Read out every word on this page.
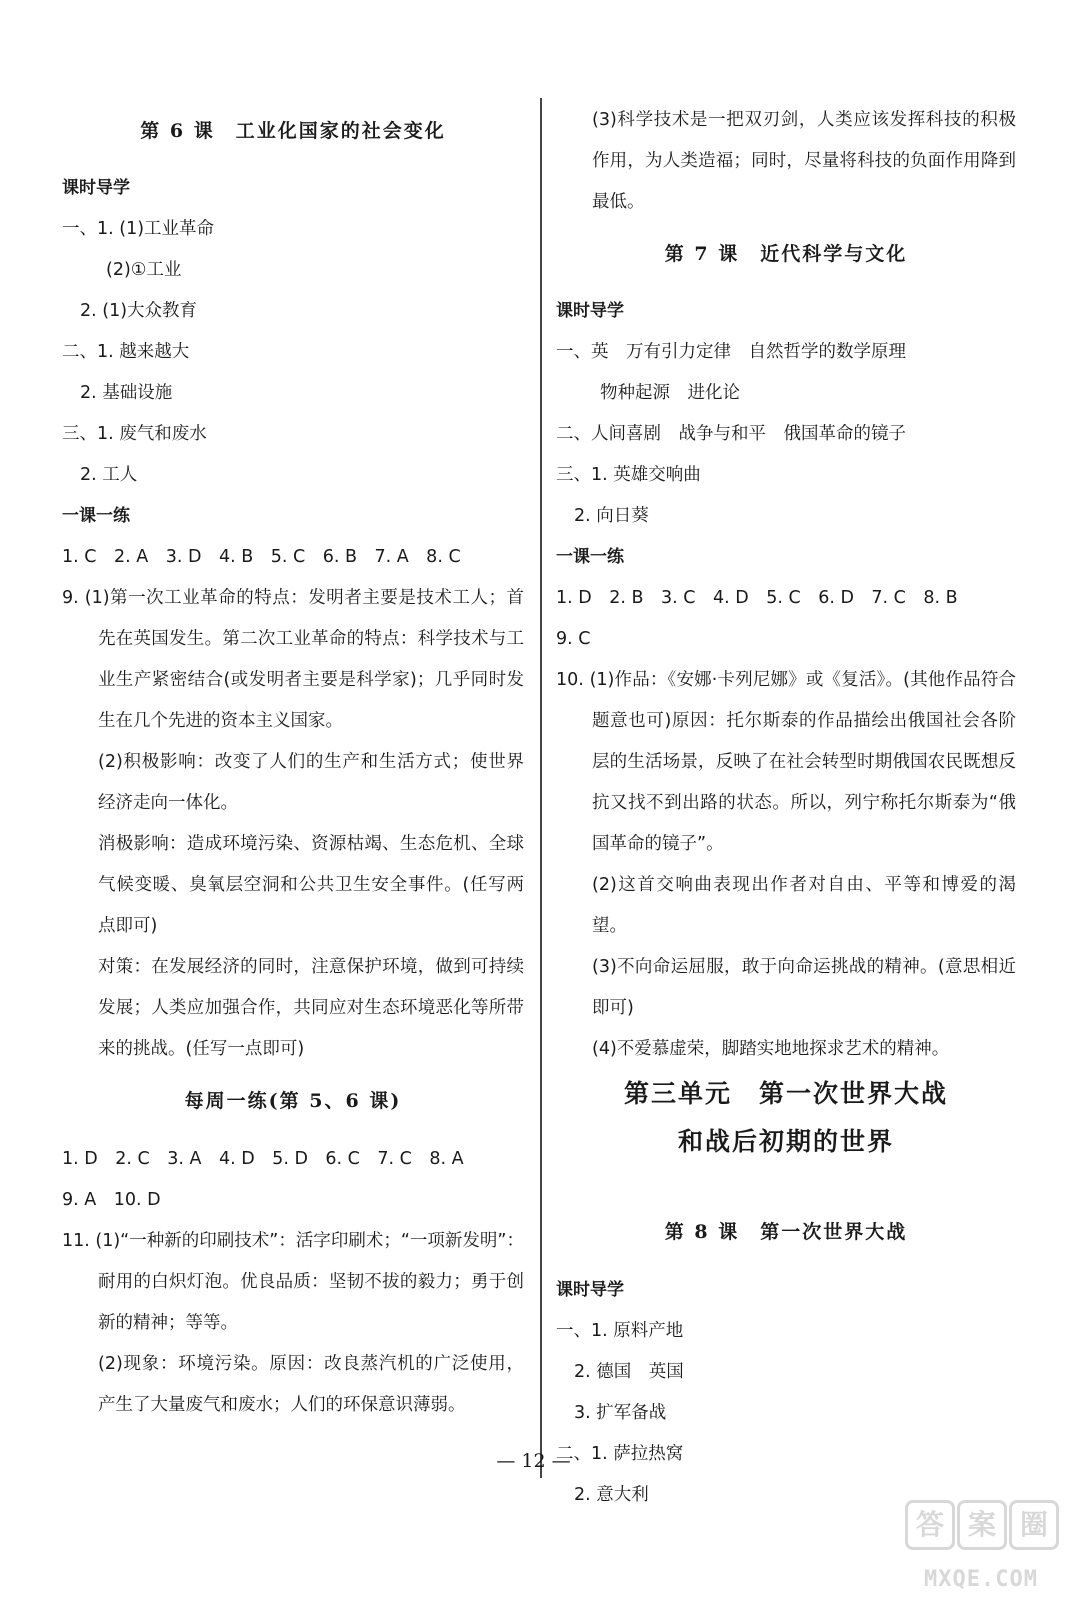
第 6 课　工业化国家的社会变化
课时导学
一、1. (1)工业革命
(2)①工业
2. (1)大众教育
二、1. 越来越大
2. 基础设施
三、1. 废气和废水
2. 工人
一课一练
1. C　2. A　3. D　4. B　5. C　6. B　7. A　8. C
9. (1)第一次工业革命的特点：发明者主要是技术工人；首先在英国发生。第二次工业革命的特点：科学技术与工业生产紧密结合(或发明者主要是科学家)；几乎同时发生在几个先进的资本主义国家。
(2)积极影响：改变了人们的生产和生活方式；使世界经济走向一体化。
消极影响：造成环境污染、资源枯竭、生态危机、全球气候变暖、臭氧层空洞和公共卫生安全事件。(任写两点即可)
对策：在发展经济的同时，注意保护环境，做到可持续发展；人类应加强合作，共同应对生态环境恶化等所带来的挑战。(任写一点即可)
每周一练(第 5、6 课)
1. D　2. C　3. A　4. D　5. D　6. C　7. C　8. A
9. A　10. D
11. (1)“一种新的印刷技术”：活字印刷术；“一项新发明”：耐用的白炽灯泡。优良品质：坚韧不拔的毅力；勇于创新的精神；等等。
(2)现象：环境污染。原因：改良蒸汽机的广泛使用，产生了大量废气和废水；人们的环保意识薄弱。
(3)科学技术是一把双刃剑，人类应该发挥科技的积极作用，为人类造福；同时，尽量将科技的负面作用降到最低。
第 7 课　近代科学与文化
课时导学
一、英　万有引力定律　自然哲学的数学原理
物种起源　进化论
二、人间喜剧　战争与和平　俄国革命的镜子
三、1. 英雄交响曲
2. 向日葵
一课一练
1. D　2. B　3. C　4. D　5. C　6. D　7. C　8. B
9. C
10. (1)作品：《安娜·卡列尼娜》或《复活》。(其他作品符合题意也可)原因：托尔斯泰的作品描绘出俄国社会各阶层的生活场景，反映了在社会转型时期俄国农民既想反抗又找不到出路的状态。所以，列宁称托尔斯泰为“俄国革命的镜子”。
(2)这首交响曲表现出作者对自由、平等和博爱的渴望。
(3)不向命运屈服，敢于向命运挑战的精神。(意思相近即可)
(4)不爱慕虚荣，脚踏实地地探求艺术的精神。
第三单元　第一次世界大战
和战后初期的世界
第 8 课　第一次世界大战
课时导学
一、1. 原料产地
2. 德国　英国
3. 扩军备战
二、1. 萨拉热窝
2. 意大利
— 12 —
答 案 圈
MXQE.COM
